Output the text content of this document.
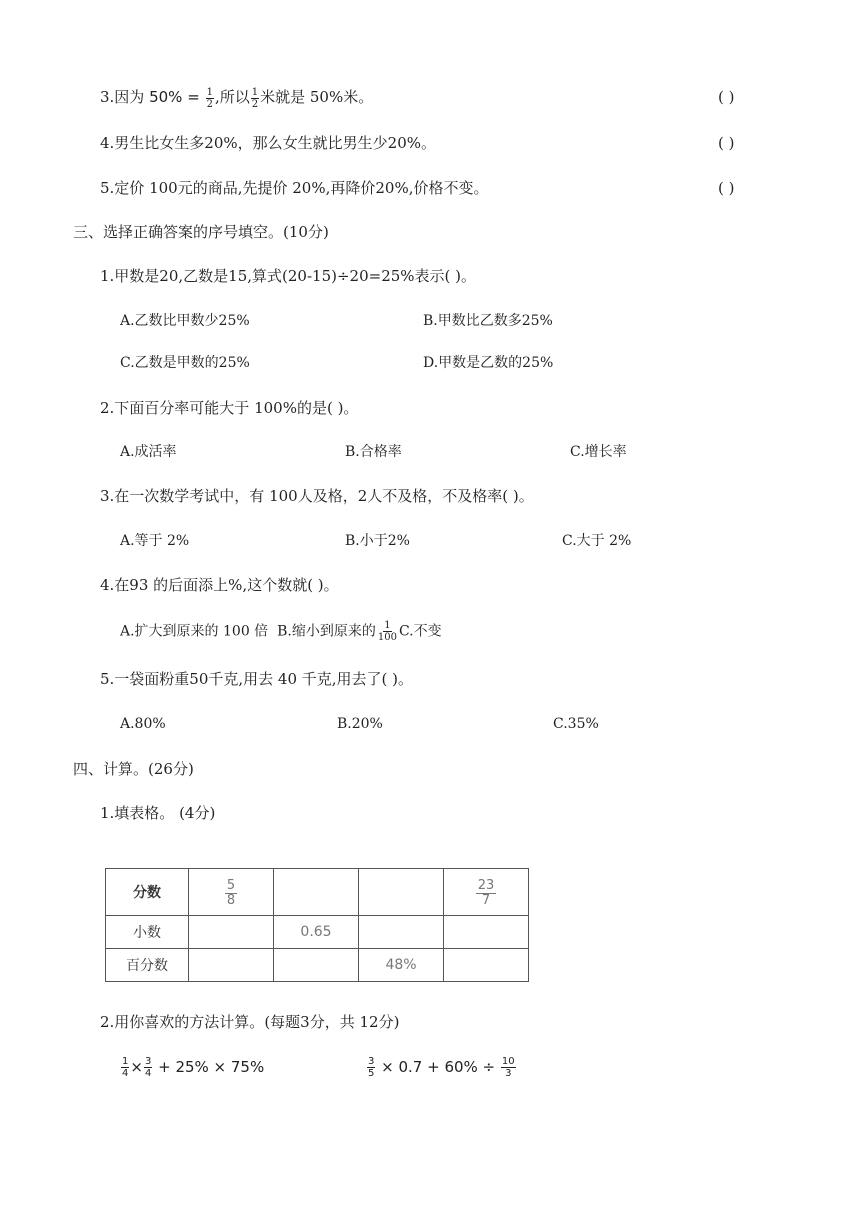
3.因为 $50\% = \frac{1}{2}$ ,所以 $\frac{1}{2}$ 米就是 50%米。	( )
4.男生比女生多20%，那么女生就比男生少20%。	( )
5.定价 100元的商品,先提价 20%,再降价20%,价格不变。	( )
三、选择正确答案的序号填空。(10分)
1.甲数是20,乙数是15,算式(20-15)÷20=25%表示( )。
A.乙数比甲数少25%	B.甲数比乙数多25%
C.乙数是甲数的25%	D.甲数是乙数的25%
2.下面百分率可能大于 100%的是( )。
A.成活率	B.合格率	C.增长率
3.在一次数学考试中，有 100人及格，2人不及格，不及格率( )。
A.等于 2%	B.小于2%	C.大于 2%
4.在93 的后面添上%,这个数就( )。
A.扩大到原来的 100 倍 B.缩小到原来的 $\frac{1}{100} C$.不变
5.一袋面粉重50千克,用去 40 千克,用去了( )。
A.80%	B.20%	C.35%
四、计算。(26分)
1.填表格。 (4分)
分数	$\frac{5}{8}$			$\frac{23}{7}$

小数		0.65		
百分数			48%	
2.用你喜欢的方法计算。(每题3分，共 12分)
$\frac{1}{4} \times \frac{3}{4} + 25\% \times 75\%$	$\frac{3}{5} \times 0.7 + 60\% \div \frac{10}{3}$
